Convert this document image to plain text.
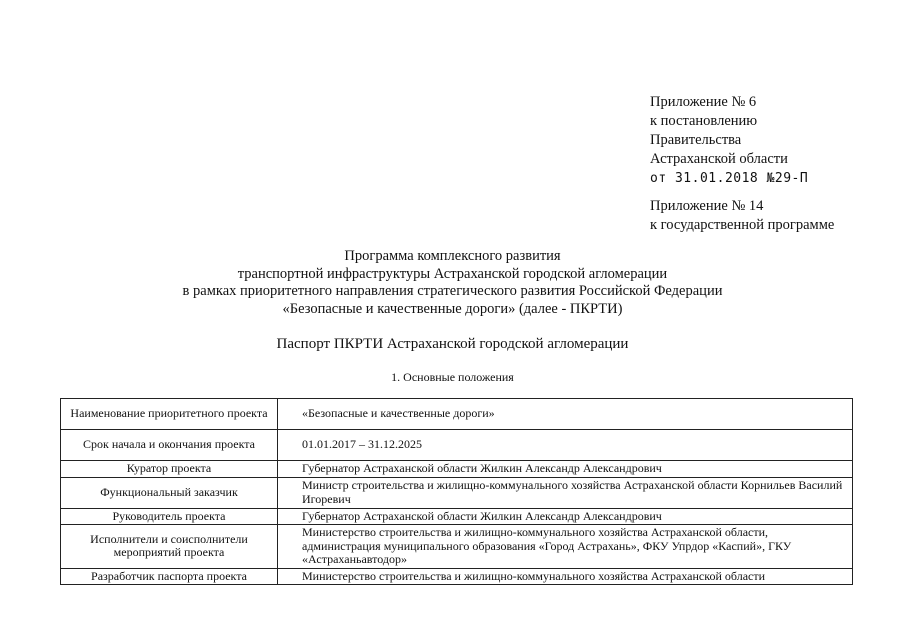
Приложение № 6
к постановлению
Правительства
Астраханской области
от 31.01.2018 №29-П
Приложение № 14
к государственной программе
Программа комплексного развития
транспортной инфраструктуры Астраханской городской агломерации
в рамках приоритетного направления стратегического развития Российской Федерации
«Безопасные и качественные дороги» (далее - ПКРТИ)
Паспорт ПКРТИ Астраханской городской агломерации
1. Основные положения
Наименование приоритетного проекта	«Безопасные и качественные дороги»
Срок начала и окончания проекта	01.01.2017 – 31.12.2025
Куратор проекта	Губернатор Астраханской области Жилкин Александр Александрович
Функциональный заказчик	Министр строительства и жилищно-коммунального хозяйства Астраханской области Корнильев Василий Игоревич
Руководитель проекта	Губернатор Астраханской области Жилкин Александр Александрович
Исполнители и соисполнители мероприятий проекта	Министерство строительства и жилищно-коммунального хозяйства Астраханской области, администрация муниципального образования «Город Астрахань», ФКУ Упрдор «Каспий», ГКУ «Астраханьавтодор»
Разработчик паспорта проекта	Министерство строительства и жилищно-коммунального хозяйства Астраханской области
